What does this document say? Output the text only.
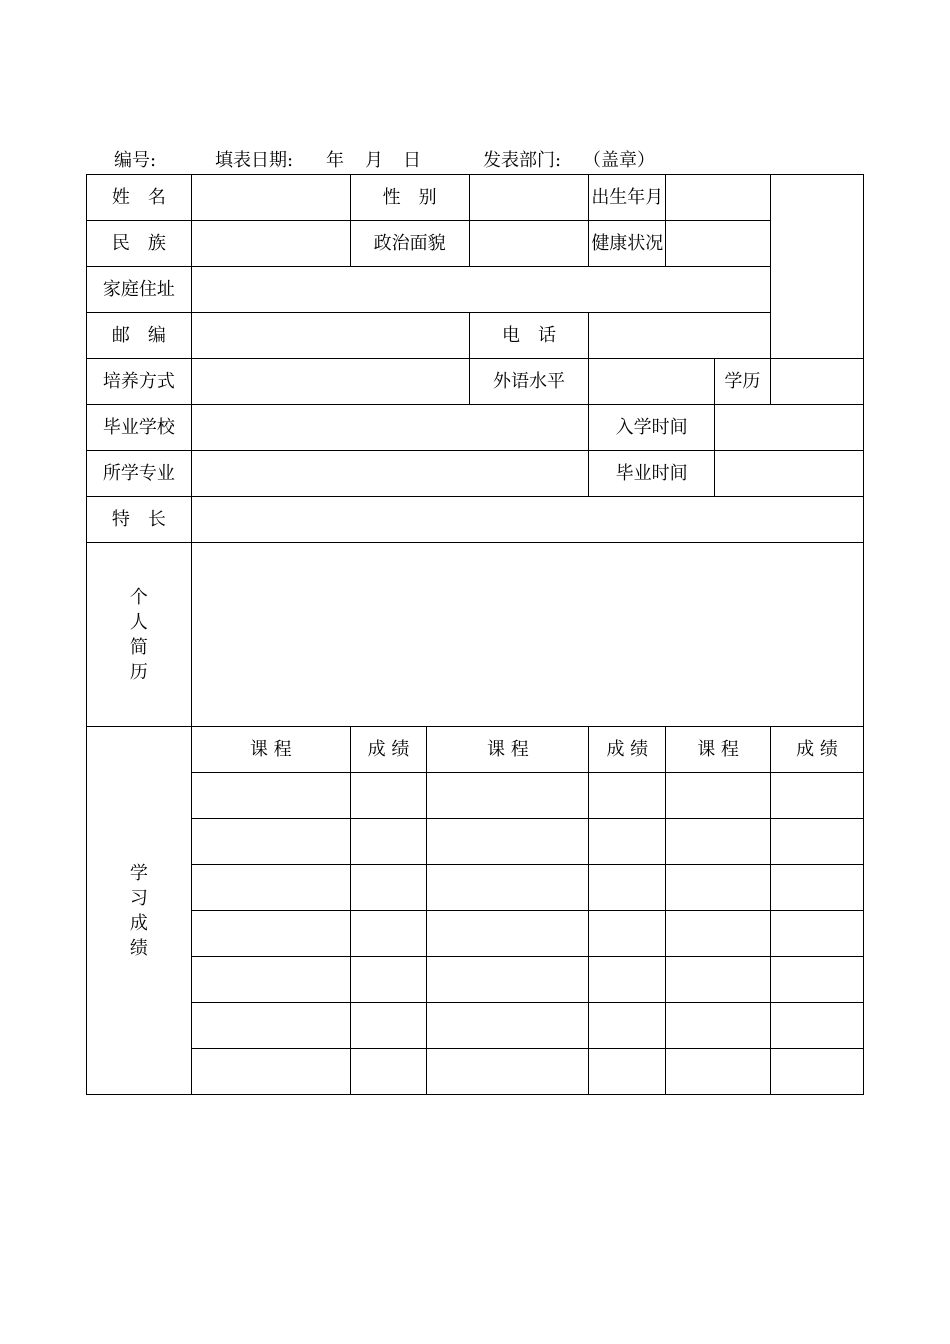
编号:	填表日期: 年 月 日	发表部门: （盖章）
姓　名		性　别			出生年月			
民　族		政治面貌			健康状况			
家庭住址								
邮　编				电　话				
培养方式				外语水平			学历	
毕业学校					入学时间			
所学专业					毕业时间			
特　长								
个人简历								
学习成绩	课 程	成 绩	课 程		成 绩	课 程		成 绩
